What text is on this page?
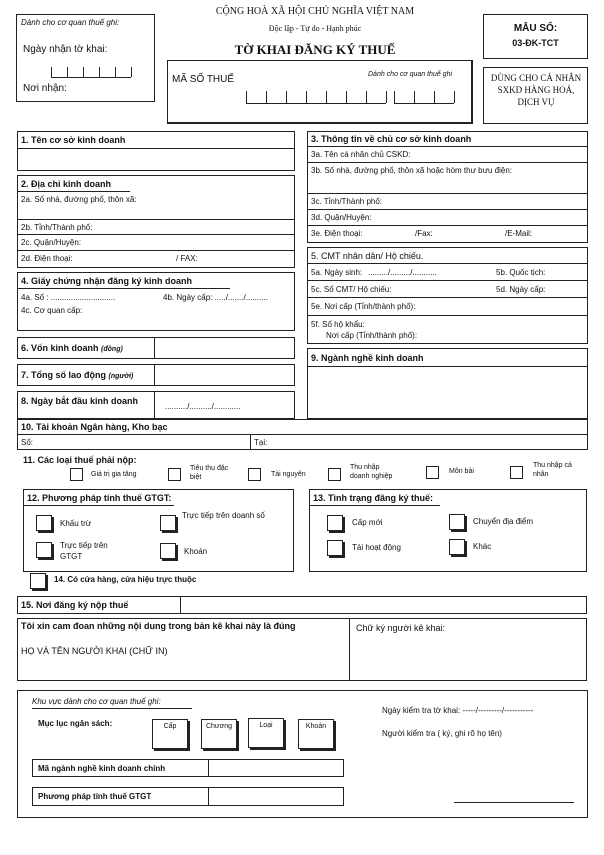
Dành cho cơ quan thuế ghi:
Ngày nhận tờ khai:
Nơi nhận:
CỘNG HOÀ XÃ HỘI CHỦ NGHĨA VIỆT NAM
Độc lập - Tự do - Hạnh phúc
TỜ KHAI ĐĂNG KÝ THUẾ
MÃ SỐ THUẾ	Dành cho cơ quan thuế ghi
MẪU SỐ:
03-ĐK-TCT
DÙNG CHO CÁ NHÂN SXKD HÀNG HOÁ, DỊCH VỤ
1. Tên cơ sở kinh doanh
2. Địa chỉ kinh doanh
2a. Số nhà, đường phố, thôn xã:
2b. Tỉnh/Thành phố:
2c. Quận/Huyện:
2d. Điện thoại:	/ FAX:
4. Giấy chứng nhận đăng ký kinh doanh
4a. Số : .............................	4b. Ngày cấp: ...../......./..........
4c. Cơ quan cấp:
6. Vốn kinh doanh (đồng)
7. Tổng số lao động (người)
8. Ngày bắt đầu kinh doanh
........../........../............
3. Thông tin về chủ cơ sở kinh doanh
3a. Tên cá nhân chủ CSKD:
3b. Số nhà, đường phố, thôn xã hoặc hòm thư bưu điện:
3c. Tỉnh/Thành phố:
3d. Quận/Huyện:
3e. Điện thoại:	/Fax:	/E-Mail:
5. CMT nhân dân/ Hộ chiếu.
5a. Ngày sinh: ........./........./...........	5b. Quốc tịch:
5c. Số CMT/ Hộ chiếu:	5d. Ngày cấp:
5e. Nơi cấp (Tỉnh/thành phố):
5f. Số hộ khẩu:
Nơi cấp (Tỉnh/thành phố):
9. Ngành nghề kinh doanh
10. Tài khoản Ngân hàng, Kho bạc
Số:	Tại:
11. Các loại thuế phải nộp:
Giá trị gia tăng
Tiêu thụ đặc biệt	Tài nguyên
Thu nhập doanh nghiệp
Môn bài
Thu nhập cá nhân
12. Phương pháp tính thuế GTGT:
Khấu trừ
Trực tiếp trên doanh số
Trực tiếp trên GTGT
Khoán
13. Tình trạng đăng ký thuế:
Cấp mới	Chuyển địa điểm
Tái hoạt động	Khác
14. Có cửa hàng, cửa hiệu trực thuộc
15. Nơi đăng ký nộp thuế
Tôi xin cam đoan những nội dung trong bản kê khai này là đúng
HỌ VÀ TÊN NGƯỜI KHAI (CHỮ IN)
Chữ ký người kê khai:
Khu vực dành cho cơ quan thuế ghi:
Mục lục ngân sách:	Cấp	Chương	Loại	Khoản
Ngày kiểm tra tờ khai: -----/---------/-----------
Người kiểm tra ( ký, ghi rõ họ tên)
Mã ngành nghề kinh doanh chính
Phương pháp tính thuế GTGT
